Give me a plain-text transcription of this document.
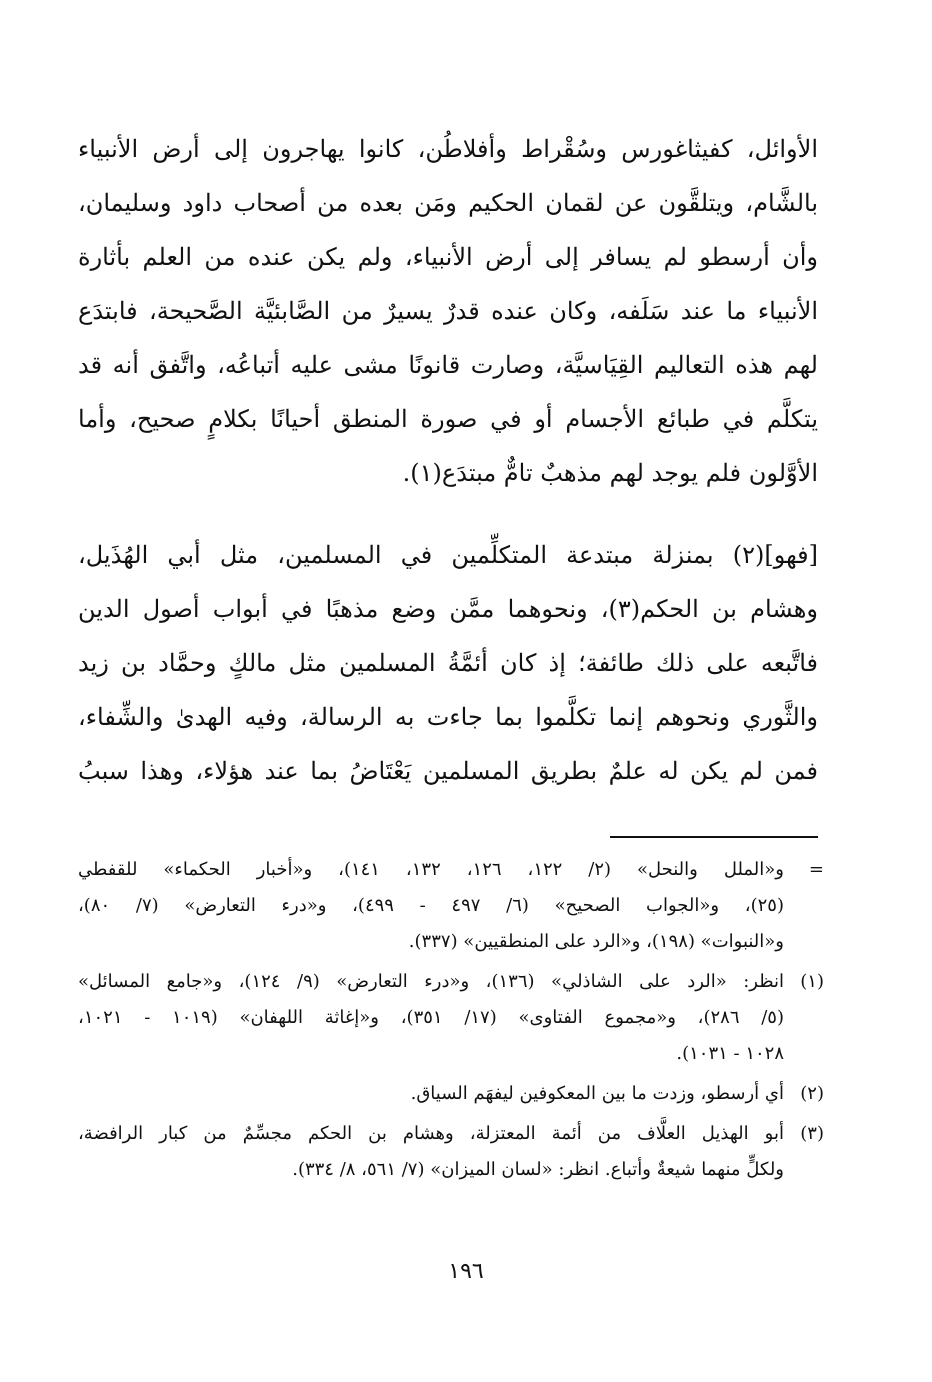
الأوائل، كفيثاغورس وسُقْراط وأفلاطُن، كانوا يهاجرون إلى أرض الأنبياء
بالشَّام، ويتلقَّون عن لقمان الحكيم ومَن بعده من أصحاب داود وسليمان،
وأن أرسطو لم يسافر إلى أرض الأنبياء، ولم يكن عنده من العلم بأثارة
الأنبياء ما عند سَلَفه، وكان عنده قدرٌ يسيرٌ من الصَّابئيَّة الصَّحيحة، فابتدَع
لهم هذه التعاليم القِيَاسيَّة، وصارت قانونًا مشى عليه أتباعُه، واتَّفق أنه قد
يتكلَّم في طبائع الأجسام أو في صورة المنطق أحيانًا بكلامٍ صحيح، وأما
الأوَّلون فلم يوجد لهم مذهبٌ تامٌّ مبتدَع(١).
[فهو](٢) بمنزلة مبتدعة المتكلِّمين في المسلمين، مثل أبي الهُذَيل،
وهشام بن الحكم(٣)، ونحوهما ممَّن وضع مذهبًا في أبواب أصول الدين
فاتَّبعه على ذلك طائفة؛ إذ كان أئمَّةُ المسلمين مثل مالكٍ وحمَّاد بن زيد
والثَّوري ونحوهم إنما تكلَّموا بما جاءت به الرسالة، وفيه الهدىٰ والشِّفاء،
فمن لم يكن له علمٌ بطريق المسلمين يَعْتَاضُ بما عند هؤلاء، وهذا سببُ
=
و«الملل والنحل» (٢/ ١٢٢، ١٢٦، ١٣٢، ١٤١)، و«أخبار الحكماء» للقفطي
(٢٥)، و«الجواب الصحيح» (٦/ ٤٩٧ - ٤٩٩)، و«درء التعارض» (٧/ ٨٠)،
و«النبوات» (١٩٨)، و«الرد على المنطقيين» (٣٣٧).
(١)
انظر: «الرد على الشاذلي» (١٣٦)، و«درء التعارض» (٩/ ١٢٤)، و«جامع المسائل»
(٥/ ٢٨٦)، و«مجموع الفتاوى» (١٧/ ٣٥١)، و«إغاثة اللهفان» (١٠١٩ - ١٠٢١،
١٠٢٨ - ١٠٣١).
(٢)
أي أرسطو، وزدت ما بين المعكوفين ليفهَم السياق.
(٣)
أبو الهذيل العلَّاف من أئمة المعتزلة، وهشام بن الحكم مجسِّمٌ من كبار الرافضة،
ولكلٍّ منهما شيعةٌ وأتباع. انظر: «لسان الميزان» (٧/ ٥٦١، ٨/ ٣٣٤).
١٩٦
